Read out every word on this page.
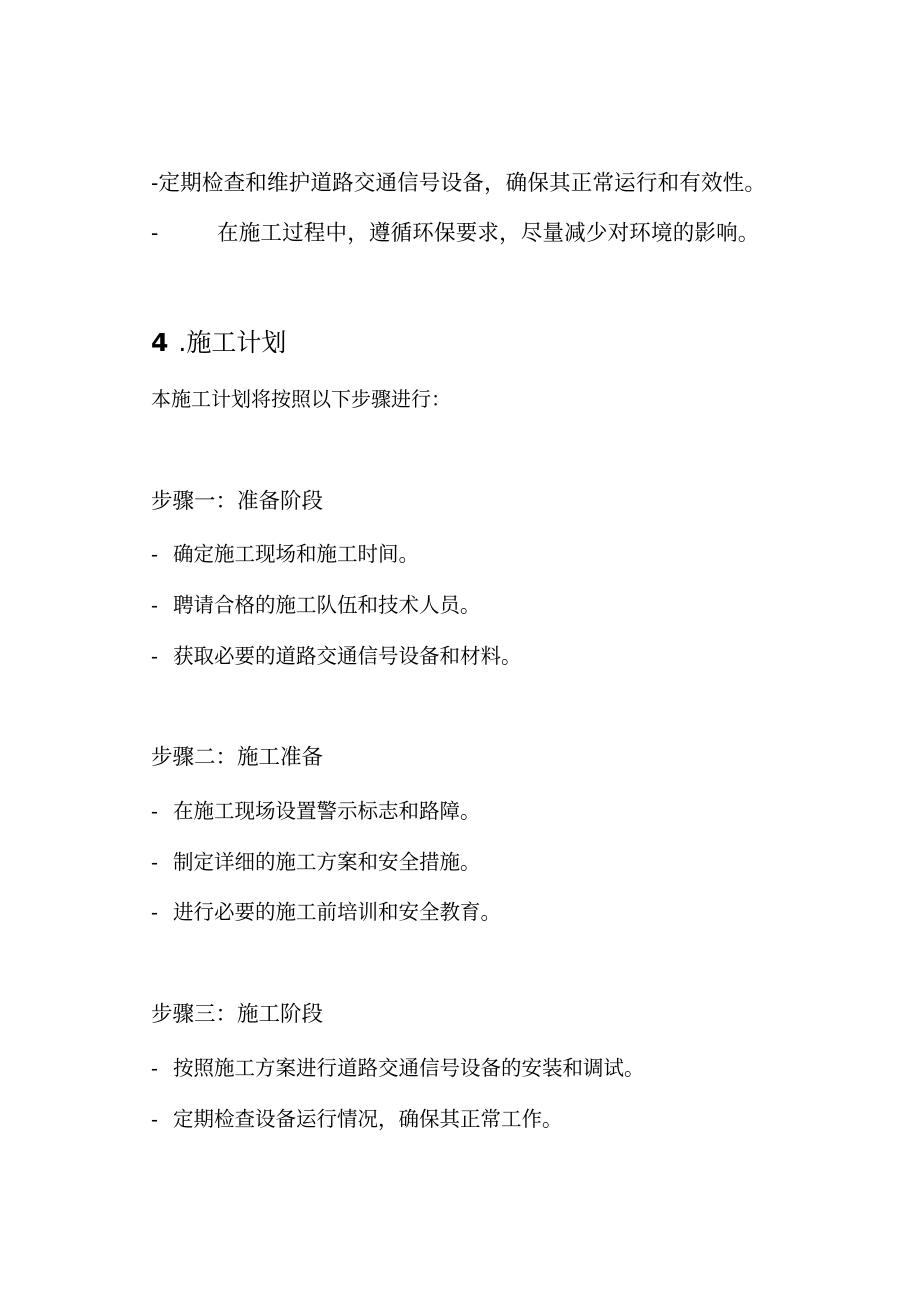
-定期检查和维护道路交通信号设备，确保其正常运行和有效性。
-	在施工过程中，遵循环保要求，尽量减少对环境的影响。
4 .施工计划
本施工计划将按照以下步骤进行：
步骤一：准备阶段
- 确定施工现场和施工时间。
- 聘请合格的施工队伍和技术人员。
- 获取必要的道路交通信号设备和材料。
步骤二：施工准备
- 在施工现场设置警示标志和路障。
- 制定详细的施工方案和安全措施。
- 进行必要的施工前培训和安全教育。
步骤三：施工阶段
- 按照施工方案进行道路交通信号设备的安装和调试。
- 定期检查设备运行情况，确保其正常工作。
